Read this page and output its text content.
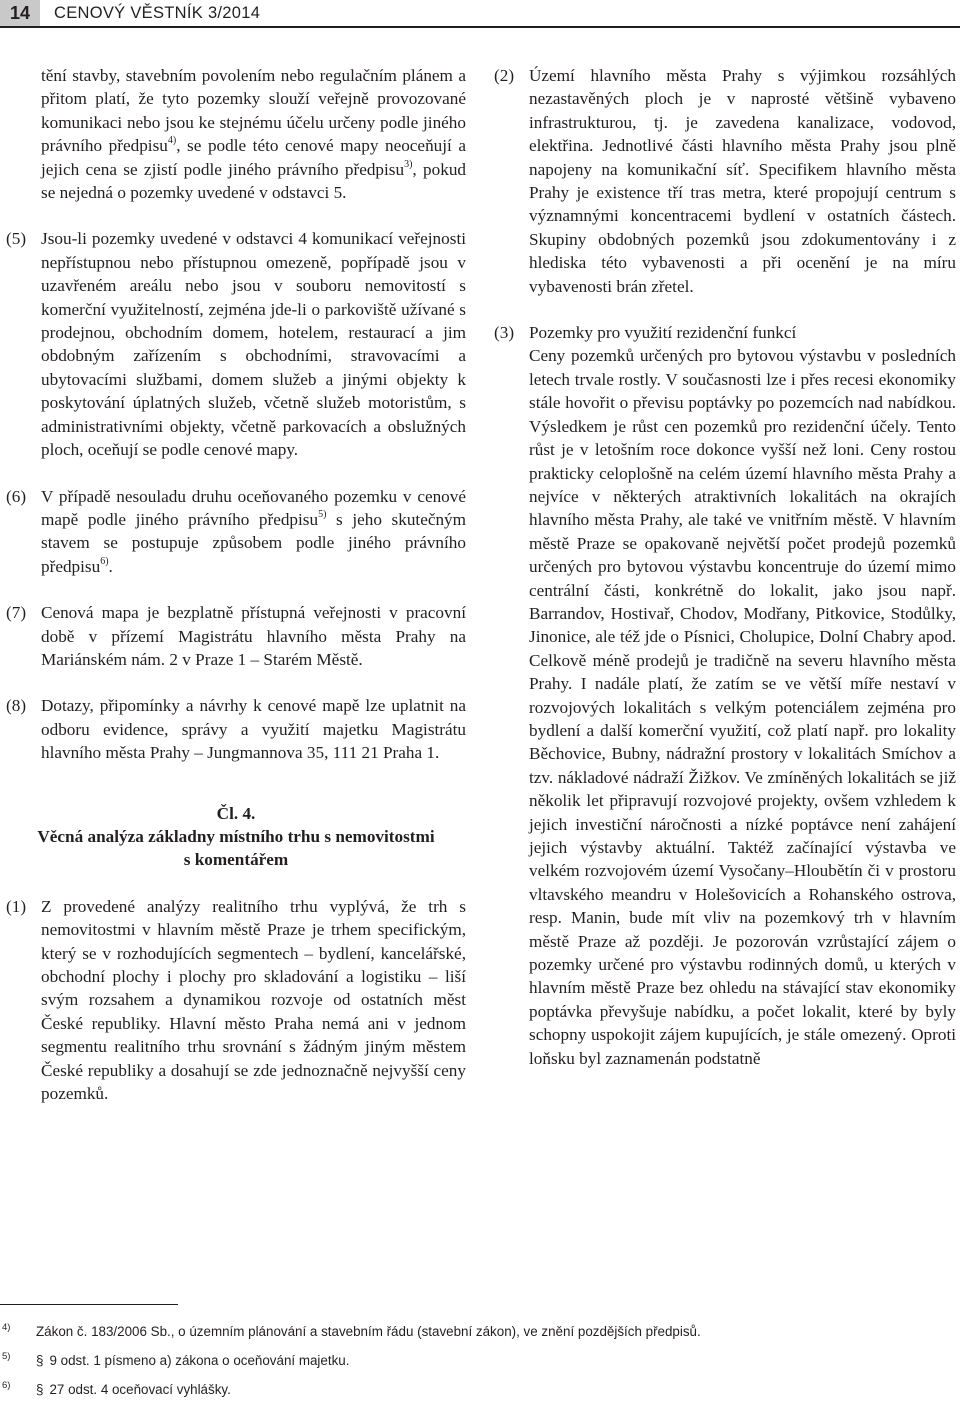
14	CENOVÝ VĚSTNÍK 3/2014

tění stavby, stavebním povolením nebo regulačním plánem a přitom platí, že tyto pozemky slouží veřejně provozované komunikaci nebo jsou ke stejnému účelu určeny podle jiného právního předpisu$^{4)}$, se podle této cenové mapy neoceňují a jejich cena se zjistí podle jiného právního předpisu$^{3)}$, pokud se nejedná o pozemky uvedené v odstavci 5.

(5) Jsou-li pozemky uvedené v odstavci 4 komunikací veřejnosti nepřístupnou nebo přístupnou omezeně, popřípadě jsou v uzavřeném areálu nebo jsou v souboru nemovitostí s komerční využitelností, zejména jde-li o parkoviště užívané s prodejnou, obchodním domem, hotelem, restaurací a jim obdobným zařízením s obchodními, stravovacími a ubytovacími službami, domem služeb a jinými objekty k poskytování úplatných služeb, včetně služeb motoristům, s administrativními objekty, včetně parkovacích a obslužných ploch, oceňují se podle cenové mapy.

(6) V případě nesouladu druhu oceňovaného pozemku v cenové mapě podle jiného právního předpisu$^{5)}$ s jeho skutečným stavem se postupuje způsobem podle jiného právního předpisu$^{6)}$.

(7) Cenová mapa je bezplatně přístupná veřejnosti v pracovní době v přízemí Magistrátu hlavního města Prahy na Mariánském nám. 2 v Praze 1 – Starém Městě.

(8) Dotazy, připomínky a návrhy k cenové mapě lze uplatnit na odboru evidence, správy a využití majetku Magistrátu hlavního města Prahy – Jungmannova 35, 111 21 Praha 1.

Čl. 4.

Věcná analýza základny místního trhu s nemovitostmi

s komentářem

(1) Z provedené analýzy realitního trhu vyplývá, že trh s nemovitostmi v hlavním městě Praze je trhem specifickým, který se v rozhodujících segmentech – bydlení, kancelářské, obchodní plochy i plochy pro skladování a logistiku – liší svým rozsahem a dynamikou rozvoje od ostatních měst České republiky. Hlavní město Praha nemá ani v jednom segmentu realitního trhu srovnání s žádným jiným městem České republiky a dosahují se zde jednoznačně nejvyšší ceny pozemků.

(2) Území hlavního města Prahy s výjimkou rozsáhlých nezastavěných ploch je v naprosté většině vybaveno infrastrukturou, tj. je zavedena kanalizace, vodovod, elektřina. Jednotlivé části hlavního města Prahy jsou plně napojeny na komunikační síť. Specifikem hlavního města Prahy je existence tří tras metra, které propojují centrum s významnými koncentracemi bydlení v ostatních částech. Skupiny obdobných pozemků jsou zdokumentovány i z hlediska této vybavenosti a při ocenění je na míru vybavenosti brán zřetel.

(3) Pozemky pro využití rezidenční funkcí
Ceny pozemků určených pro bytovou výstavbu v posledních letech trvale rostly. V současnosti lze i přes recesi ekonomiky stále hovořit o převisu poptávky po pozemcích nad nabídkou. Výsledkem je růst cen pozemků pro rezidenční účely. Tento růst je v letošním roce dokonce vyšší než loni. Ceny rostou prakticky celoplošně na celém území hlavního města Prahy a nejvíce v některých atraktivních lokalitách na okrajích hlavního města Prahy, ale také ve vnitřním městě. V hlavním městě Praze se opakovaně největší počet prodejů pozemků určených pro bytovou výstavbu koncentruje do území mimo centrální části, konkrétně do lokalit, jako jsou např. Barrandov, Hostivař, Chodov, Modřany, Pitkovice, Stodůlky, Jinonice, ale též jde o Písnici, Cholupice, Dolní Chabry apod. Celkově méně prodejů je tradičně na severu hlavního města Prahy. I nadále platí, že zatím se ve větší míře nestaví v rozvojových lokalitách s velkým potenciálem zejména pro bydlení a další komerční využití, což platí např. pro lokality Běchovice, Bubny, nádražní prostory v lokalitách Smíchov a tzv. nákladové nádraží Žižkov. Ve zmíněných lokalitách se již několik let připravují rozvojové projekty, ovšem vzhledem k jejich investiční náročnosti a nízké poptávce není zahájení jejich výstavby aktuální. Taktéž začínající výstavba ve velkém rozvojovém území Vysočany–Hloubětín či v prostoru vltavského meandru v Holešovicích a Rohanského ostrova, resp. Manin, bude mít vliv na pozemkový trh v hlavním městě Praze až později. Je pozorován vzrůstající zájem o pozemky určené pro výstavbu rodinných domů, u kterých v hlavním městě Praze bez ohledu na stávající stav ekonomiky poptávka převyšuje nabídku, a počet lokalit, které by byly schopny uspokojit zájem kupujících, je stále omezený. Oproti loňsku byl zaznamenán podstatně
4) Zákon č. 183/2006 Sb., o územním plánování a stavebním řádu (stavební zákon), ve znění pozdějších předpisů.
5) § 9 odst. 1 písmeno a) zákona o oceňování majetku.
6) § 27 odst. 4 oceňovací vyhlášky.
